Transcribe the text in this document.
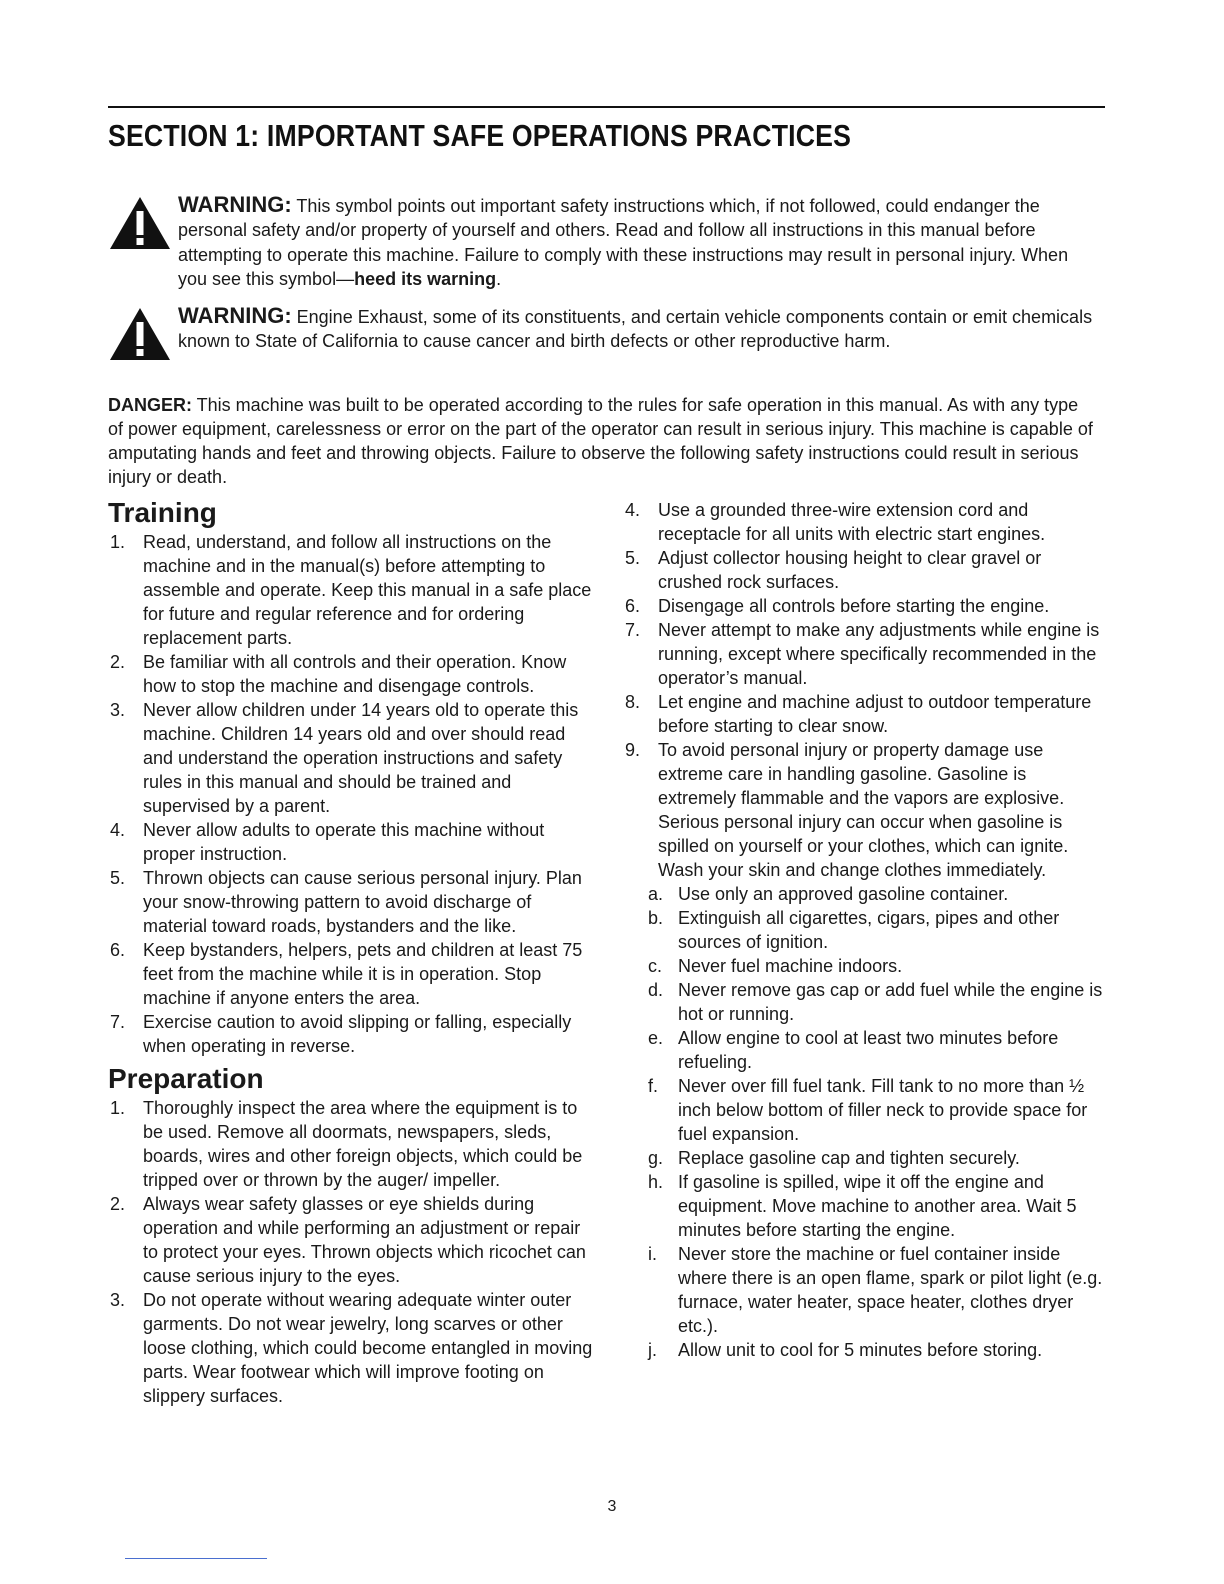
SECTION 1: IMPORTANT SAFE OPERATIONS PRACTICES
WARNING: This symbol points out important safety instructions which, if not followed, could endanger the personal safety and/or property of yourself and others. Read and follow all instructions in this manual before attempting to operate this machine. Failure to comply with these instructions may result in personal injury. When you see this symbol—heed its warning.
WARNING: Engine Exhaust, some of its constituents, and certain vehicle components contain or emit chemicals known to State of California to cause cancer and birth defects or other reproductive harm.

DANGER: This machine was built to be operated according to the rules for safe operation in this manual. As with any type of power equipment, carelessness or error on the part of the operator can result in serious injury. This machine is capable of amputating hands and feet and throwing objects. Failure to observe the following safety instructions could result in serious injury or death.

Training
1. Read, understand, and follow all instructions on the machine and in the manual(s) before attempting to assemble and operate. Keep this manual in a safe place for future and regular reference and for ordering replacement parts.
2. Be familiar with all controls and their operation. Know how to stop the machine and disengage controls.
3. Never allow children under 14 years old to operate this machine. Children 14 years old and over should read and understand the operation instructions and safety rules in this manual and should be trained and supervised by a parent.
4. Never allow adults to operate this machine without proper instruction.
5. Thrown objects can cause serious personal injury. Plan your snow-throwing pattern to avoid discharge of material toward roads, bystanders and the like.
6. Keep bystanders, helpers, pets and children at least 75 feet from the machine while it is in operation. Stop machine if anyone enters the area.
7. Exercise caution to avoid slipping or falling, especially when operating in reverse.
Preparation
1. Thoroughly inspect the area where the equipment is to be used. Remove all doormats, newspapers, sleds, boards, wires and other foreign objects, which could be tripped over or thrown by the auger/ impeller.
2. Always wear safety glasses or eye shields during operation and while performing an adjustment or repair to protect your eyes. Thrown objects which ricochet can cause serious injury to the eyes.
3. Do not operate without wearing adequate winter outer garments. Do not wear jewelry, long scarves or other loose clothing, which could become entangled in moving parts. Wear footwear which will improve footing on slippery surfaces.
4. Use a grounded three-wire extension cord and receptacle for all units with electric start engines.
5. Adjust collector housing height to clear gravel or crushed rock surfaces.
6. Disengage all controls before starting the engine.
7. Never attempt to make any adjustments while engine is running, except where specifically recommended in the operator’s manual.
8. Let engine and machine adjust to outdoor temperature before starting to clear snow.
9. To avoid personal injury or property damage use extreme care in handling gasoline. Gasoline is extremely flammable and the vapors are explosive. Serious personal injury can occur when gasoline is spilled on yourself or your clothes, which can ignite. Wash your skin and change clothes immediately.
a. Use only an approved gasoline container.
b. Extinguish all cigarettes, cigars, pipes and other sources of ignition.
c. Never fuel machine indoors.
d. Never remove gas cap or add fuel while the engine is hot or running.
e. Allow engine to cool at least two minutes before refueling.
f. Never over fill fuel tank. Fill tank to no more than ½ inch below bottom of filler neck to provide space for fuel expansion.
g. Replace gasoline cap and tighten securely.
h. If gasoline is spilled, wipe it off the engine and equipment. Move machine to another area. Wait 5 minutes before starting the engine.
i. Never store the machine or fuel container inside where there is an open flame, spark or pilot light (e.g. furnace, water heater, space heater, clothes dryer etc.).
j. Allow unit to cool for 5 minutes before storing.
3
